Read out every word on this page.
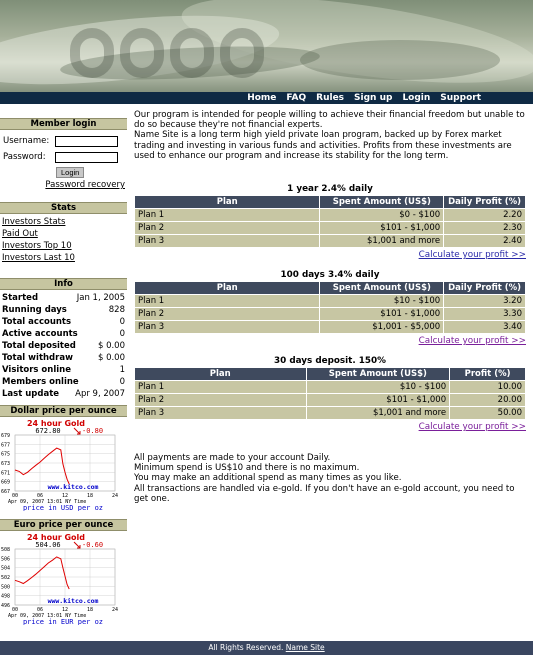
Home FAQ Rules Sign up Login Support
Member login
Username:
Password:
Login
Password recovery
Stats
Investors Stats
Paid Out
Investors Top 10
Investors Last 10
Info
Started	Jan 1, 2005
Running days	828
Total accounts	0
Active accounts	0
Total deposited	$ 0.00
Total withdraw	$ 0.00
Visitors online	1
Members online	0
Last update Apr 9, 2007
Dollar price per ounce
24 hour Gold
672.80	-0.80
679
677
675
673
671
669
667
00	06	12	18	24
www.kitco.com
Apr 09, 2007 13:01 NY Time
price in USD per oz
Euro price per ounce
24 hour Gold
504.06	-0.60
508
506
504
502
500
498
496
00	06	12	18	24
www.kitco.com
Apr 09, 2007 13:01 NY Time
price in EUR per oz

Our program is intended for people willing to achieve their financial freedom but unable to do so because they're not financial experts.

Name Site is a long term high yield private loan program, backed up by Forex market trading and investing in various funds and activities. Profits from these investments are used to enhance our program and increase its stability for the long term.

1 year 2.4% daily
Plan	Spent Amount (US$)	Daily Profit (%)
Plan 1	$0 - $100	2.20
Plan 2	$101 - $1,000	2.30
Plan 3	$1,001 and more	2.40
Calculate your profit >>
100 days 3.4% daily
Plan	Spent Amount (US$)	Daily Profit (%)
Plan 1	$10 - $100	3.20
Plan 2	$101 - $1,000	3.30
Plan 3	$1,001 - $5,000	3.40
Calculate your profit >>
30 days deposit. 150%
Plan	Spent Amount (US$)	Profit (%)
Plan 1	$10 - $100	10.00
Plan 2	$101 - $1,000	20.00
Plan 3	$1,001 and more	50.00
Calculate your profit >>

All payments are made to your account Daily.

Minimum spend is US$10 and there is no maximum.

You may make an additional spend as many times as you like.

All transactions are handled via e-gold. If you don't have an e-gold account, you need to get one.

All Rights Reserved. Name Site
